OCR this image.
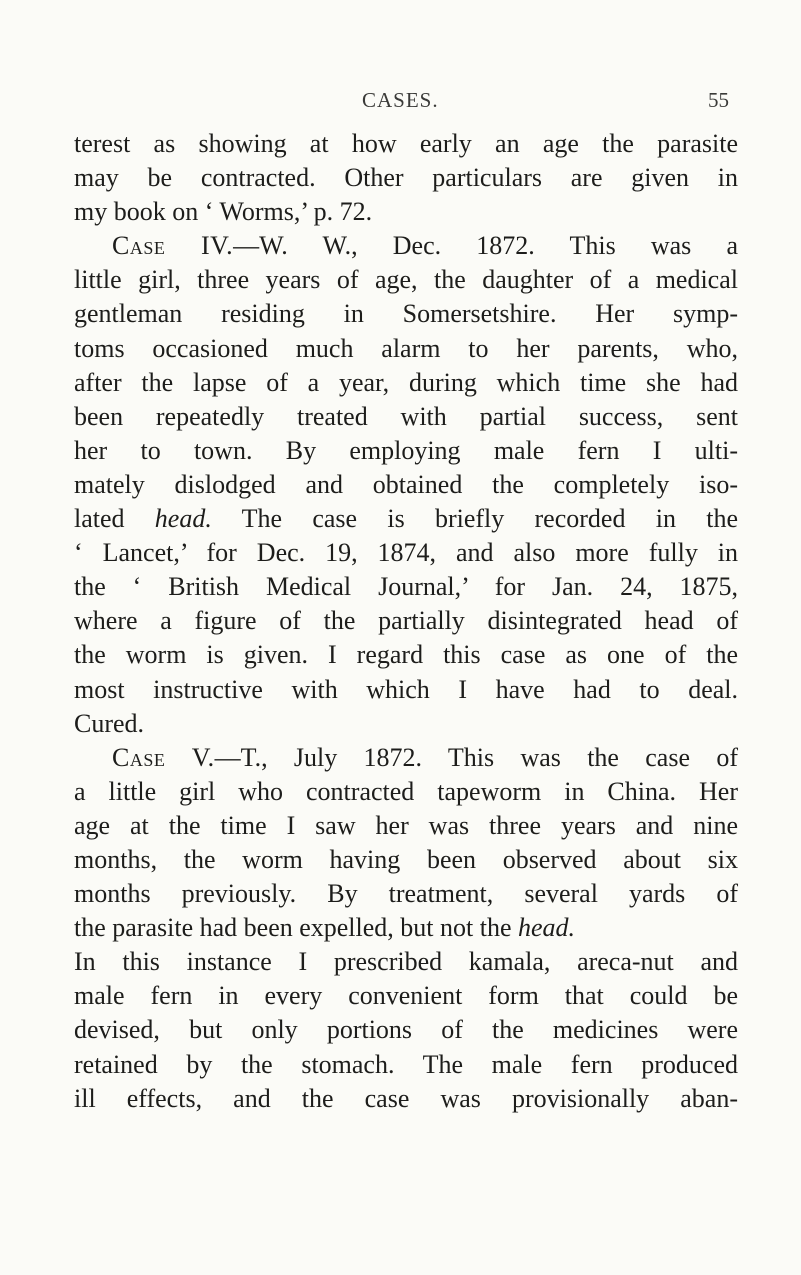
CASES.	55
terest as showing at how early an age the parasite
may be contracted. Other particulars are given in
my book on ‘ Worms,’ p. 72.
Case IV.—W. W., Dec. 1872. This was a
little girl, three years of age, the daughter of a medical
gentleman residing in Somersetshire. Her symp-
toms occasioned much alarm to her parents, who,
after the lapse of a year, during which time she had
been repeatedly treated with partial success, sent
her to town. By employing male fern I ulti-
mately dislodged and obtained the completely iso-
lated head. The case is briefly recorded in the
‘ Lancet,’ for Dec. 19, 1874, and also more fully in
the ‘ British Medical Journal,’ for Jan. 24, 1875,
where a figure of the partially disintegrated head of
the worm is given. I regard this case as one of the
most instructive with which I have had to deal.
Cured.
Case V.—T., July 1872. This was the case of
a little girl who contracted tapeworm in China. Her
age at the time I saw her was three years and nine
months, the worm having been observed about six
months previously. By treatment, several yards of
the parasite had been expelled, but not the head.
In this instance I prescribed kamala, areca-nut and
male fern in every convenient form that could be
devised, but only portions of the medicines were
retained by the stomach. The male fern produced
ill effects, and the case was provisionally aban-
